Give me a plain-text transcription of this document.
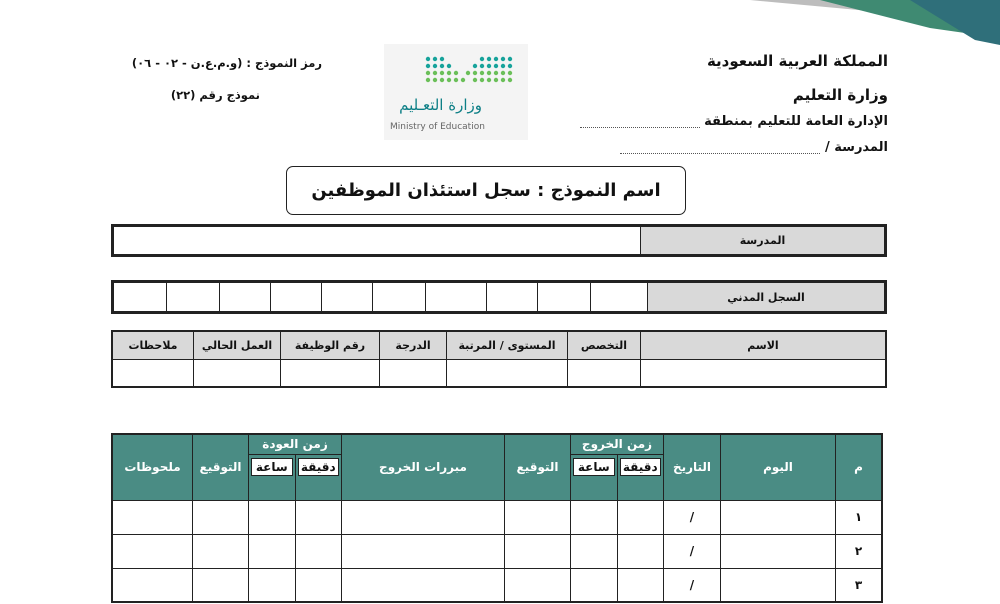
المملكة العربية السعودية
وزارة التعليم
الإدارة العامة للتعليم بمنطقة
المدرسة /
رمز النموذج : (و.م.ع.ن - ٠٢ - ٠٦)
نموذج رقم (٢٢)
وزارة التعـليم
Ministry of Education
اسم النموذج : سجل استئذان الموظفين
	المدرسة
										السجل المدني
ملاحظات	العمل الحالي	رقم الوظيفة	الدرجة	المستوى / المرتبة	التخصص	الاسم

ملحوظات	التوقيع	زمن العودة		مبررات الخروج	التوقيع	زمن الخروج		التاريخ	اليوم	م

		ساعة	دقيقة			ساعة	دقيقة			

								/		١
								/		٢
								/		٣
